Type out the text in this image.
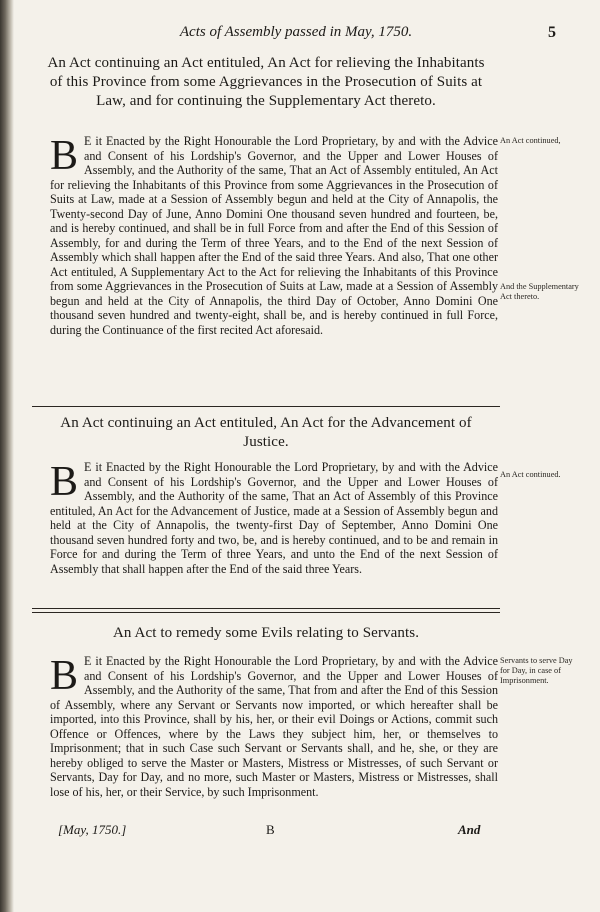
Acts of Assembly passed in May, 1750.	5
An Act continuing an Act entituled, An Act for relieving the Inhabitants of this Province from some Aggrievances in the Prosecution of Suits at Law, and for continuing the Supplementary Act thereto.
B E it Enacted by the Right Honourable the Lord Proprietary, by and with the Advice and Consent of his Lordship's Governor, and the Upper and Lower Houses of Assembly, and the Authority of the same, That an Act of Assembly entituled, An Act for relieving the Inhabitants of this Province from some Aggrievances in the Prosecution of Suits at Law, made at a Session of Assembly begun and held at the City of Annapolis, the Twenty-second Day of June, Anno Domini One thousand seven hundred and fourteen, be, and is hereby continued, and shall be in full Force from and after the End of this Session of Assembly, for and during the Term of three Years, and to the End of the next Session of Assembly which shall happen after the End of the said three Years. And also, That one other Act entituled, A Supplementary Act to the Act for relieving the Inhabitants of this Province from some Aggrievances in the Prosecution of Suits at Law, made at a Session of Assembly begun and held at the City of Annapolis, the third Day of October, Anno Domini One thousand seven hundred and twenty-eight, shall be, and is hereby continued in full Force, during the Continuance of the first recited Act aforesaid.
An Act continued,
And the Supplementary Act thereto.
An Act continuing an Act entituled, An Act for the Advancement of Justice.
B E it Enacted by the Right Honourable the Lord Proprietary, by and with the Advice and Consent of his Lordship's Governor, and the Upper and Lower Houses of Assembly, and the Authority of the same, That an Act of Assembly of this Province entituled, An Act for the Advancement of Justice, made at a Session of Assembly begun and held at the City of Annapolis, the twenty-first Day of September, Anno Domini One thousand seven hundred forty and two, be, and is hereby continued, and to be and remain in Force for and during the Term of three Years, and unto the End of the next Session of Assembly that shall happen after the End of the said three Years.
An Act continued.
An Act to remedy some Evils relating to Servants.
B E it Enacted by the Right Honourable the Lord Proprietary, by and with the Advice and Consent of his Lordship's Governor, and the Upper and Lower Houses of Assembly, and the Authority of the same, That from and after the End of this Session of Assembly, where any Servant or Servants now imported, or which hereafter shall be imported, into this Province, shall by his, her, or their evil Doings or Actions, commit such Offence or Offences, where by the Laws they subject him, her, or themselves to Imprisonment; that in such Case such Servant or Servants shall, and he, she, or they are hereby obliged to serve the Master or Masters, Mistress or Mistresses, of such Servant or Servants, Day for Day, and no more, such Master or Masters, Mistress or Mistresses, shall lose of his, her, or their Service, by such Imprisonment.
Servants to serve Day for Day, in case of Imprisonment.
[May, 1750.]	B	And
